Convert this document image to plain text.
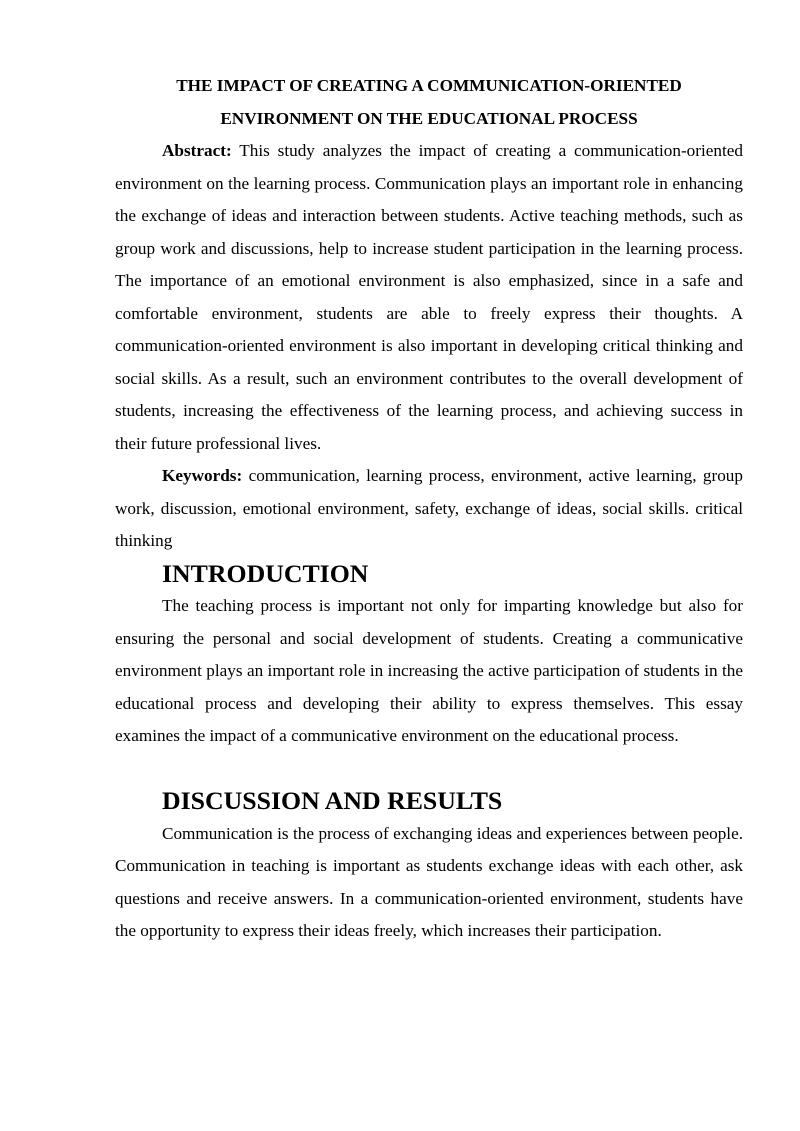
THE IMPACT OF CREATING A COMMUNICATION-ORIENTED
ENVIRONMENT ON THE EDUCATIONAL PROCESS

Abstract: This study analyzes the impact of creating a communication-oriented environment on the learning process. Communication plays an important role in enhancing the exchange of ideas and interaction between students. Active teaching methods, such as group work and discussions, help to increase student participation in the learning process. The importance of an emotional environment is also emphasized, since in a safe and comfortable environment, students are able to freely express their thoughts. A communication-oriented environment is also important in developing critical thinking and social skills. As a result, such an environment contributes to the overall development of students, increasing the effectiveness of the learning process, and achieving success in their future professional lives.

Keywords: communication, learning process, environment, active learning, group work, discussion, emotional environment, safety, exchange of ideas, social skills. critical thinking

INTRODUCTION

The teaching process is important not only for imparting knowledge but also for ensuring the personal and social development of students. Creating a communicative environment plays an important role in increasing the active participation of students in the educational process and developing their ability to express themselves. This essay examines the impact of a communicative environment on the educational process.

DISCUSSION AND RESULTS

Communication is the process of exchanging ideas and experiences between people. Communication in teaching is important as students exchange ideas with each other, ask questions and receive answers. In a communication-oriented environment, students have the opportunity to express their ideas freely, which increases their participation.
